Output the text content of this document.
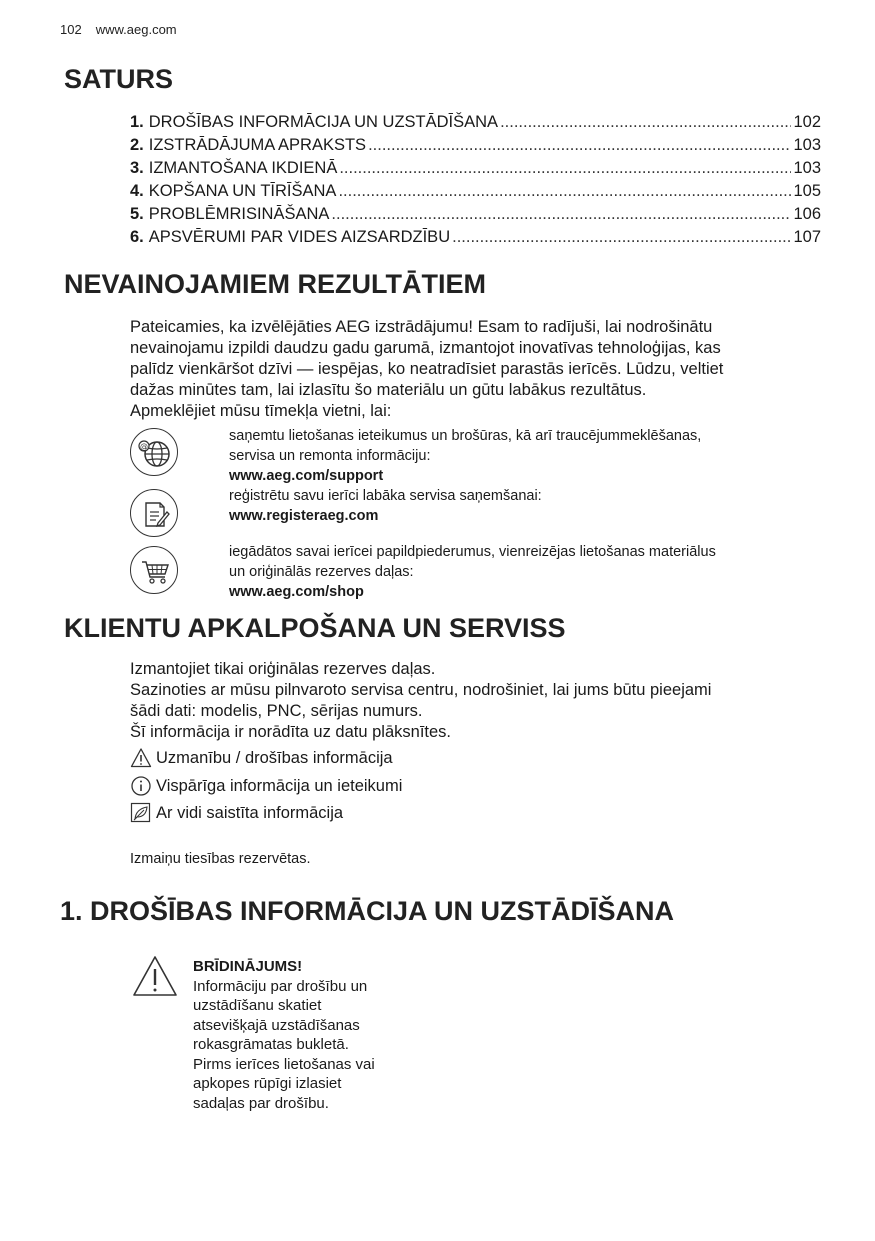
102 www.aeg.com
SATURS
1. DROŠĪBAS INFORMĀCIJA UN UZSTĀDĪŠANA .....	102
2. IZSTRĀDĀJUMA APRAKSTS .....	103
3. IZMANTOŠANA IKDIENĀ .....	103
4. KOPŠANA UN TĪRĪŠANA .....	105
5. PROBLĒMRISINĀŠANA .....	106
6. APSVĒRUMI PAR VIDES AIZSARDZĪBU .....	107
NEVAINOJAMIEM REZULTĀTIEM
Pateicamies, ka izvēlējāties AEG izstrādājumu! Esam to radījuši, lai nodrošinātu
nevainojamu izpildi daudzu gadu garumā, izmantojot inovatīvas tehnoloģijas, kas
palīdz vienkāršot dzīvi — iespējas, ko neatradīsiet parastās ierīcēs. Lūdzu, veltiet
dažas minūtes tam, lai izlasītu šo materiālu un gūtu labākus rezultātus.
Apmeklējiet mūsu tīmekļa vietni, lai:
@
saņemtu lietošanas ieteikumus un brošūras, kā arī traucējummeklēšanas,
servisa un remonta informāciju:
www.aeg.com/support
reģistrētu savu ierīci labāka servisa saņemšanai:
www.registeraeg.com
iegādātos savai ierīcei papildpiederumus, vienreizējas lietošanas materiālus
un oriģinālās rezerves daļas:
www.aeg.com/shop
KLIENTU APKALPOŠANA UN SERVISS
Izmantojiet tikai oriģinālas rezerves daļas.
Sazinoties ar mūsu pilnvaroto servisa centru, nodrošiniet, lai jums būtu pieejami
šādi dati: modelis, PNC, sērijas numurs.
Šī informācija ir norādīta uz datu plāksnītes.
Uzmanību / drošības informācija
Vispārīga informācija un ieteikumi
Ar vidi saistīta informācija
Izmaiņu tiesības rezervētas.
1. DROŠĪBAS INFORMĀCIJA UN UZSTĀDĪŠANA
BRĪDINĀJUMS!
Informāciju par drošību un
uzstādīšanu skatiet
atsevišķajā uzstādīšanas
rokasgrāmatas bukletā.
Pirms ierīces lietošanas vai
apkopes rūpīgi izlasiet
sadaļas par drošību.
